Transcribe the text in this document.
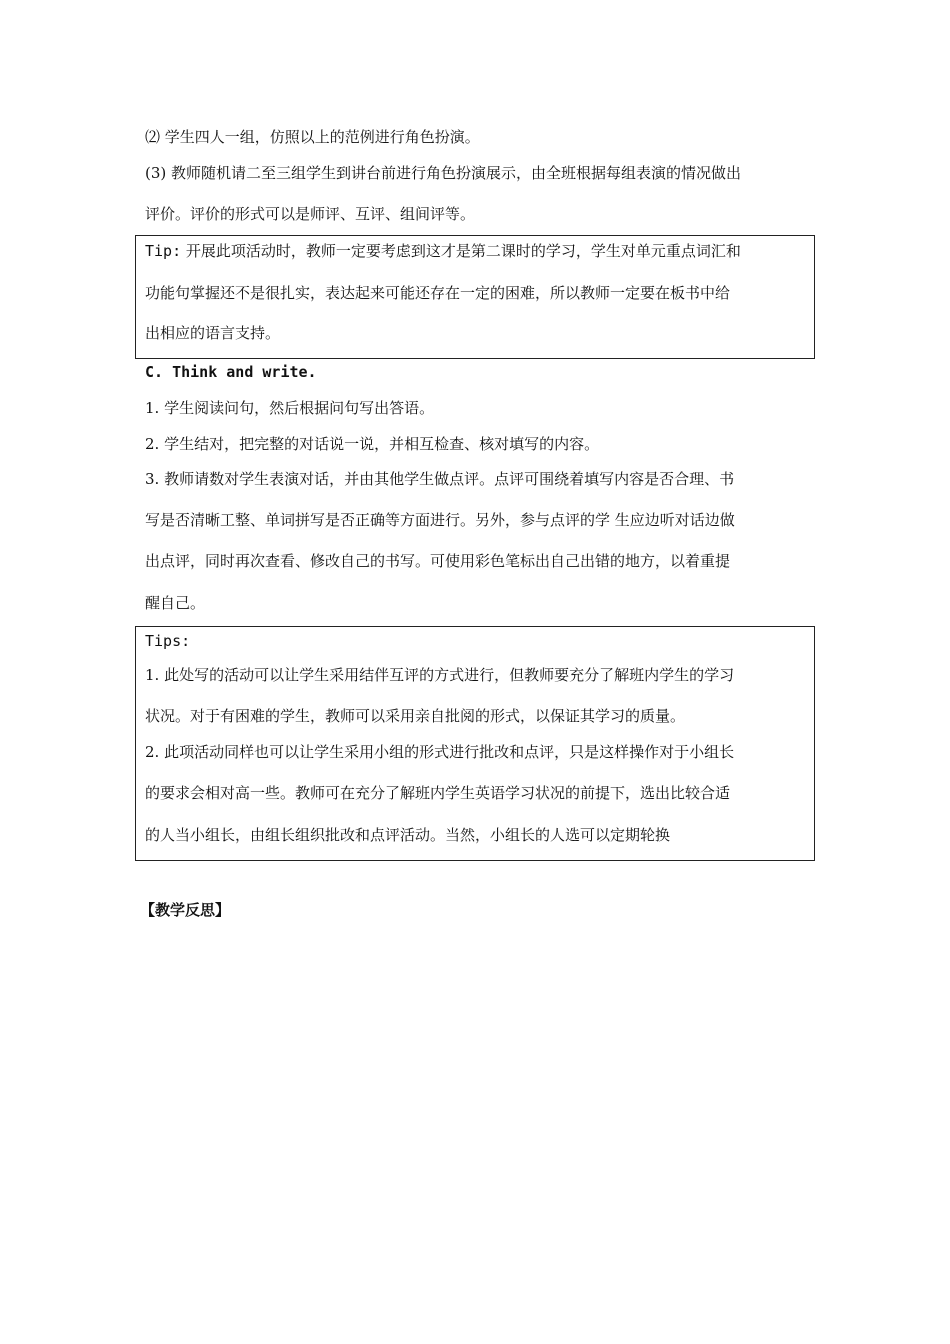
⑵ 学生四人一组，仿照以上的范例进行角色扮演。
(3) 教师随机请二至三组学生到讲台前进行角色扮演展示，由全班根据每组表演的情况做出
评价。评价的形式可以是师评、互评、组间评等。
Tip: 开展此项活动时，教师一定要考虑到这才是第二课时的学习，学生对单元重点词汇和
功能句掌握还不是很扎实，表达起来可能还存在一定的困难，所以教师一定要在板书中给
出相应的语言支持。
C. Think and write.
1. 学生阅读问句，然后根据问句写出答语。
2. 学生结对，把完整的对话说一说，并相互检查、核对填写的内容。
3. 教师请数对学生表演对话，并由其他学生做点评。点评可围绕着填写内容是否合理、书
写是否清晰工整、单词拼写是否正确等方面进行。另外，参与点评的学 生应边听对话边做
出点评，同时再次查看、修改自己的书写。可使用彩色笔标出自己出错的地方，以着重提
醒自己。
Tips:
1. 此处写的活动可以让学生采用结伴互评的方式进行，但教师要充分了解班内学生的学习
状况。对于有困难的学生，教师可以采用亲自批阅的形式，以保证其学习的质量。
2. 此项活动同样也可以让学生采用小组的形式进行批改和点评，只是这样操作对于小组长
的要求会相对高一些。教师可在充分了解班内学生英语学习状况的前提下，选出比较合适
的人当小组长，由组长组织批改和点评活动。当然，小组长的人选可以定期轮换
【教学反思】
